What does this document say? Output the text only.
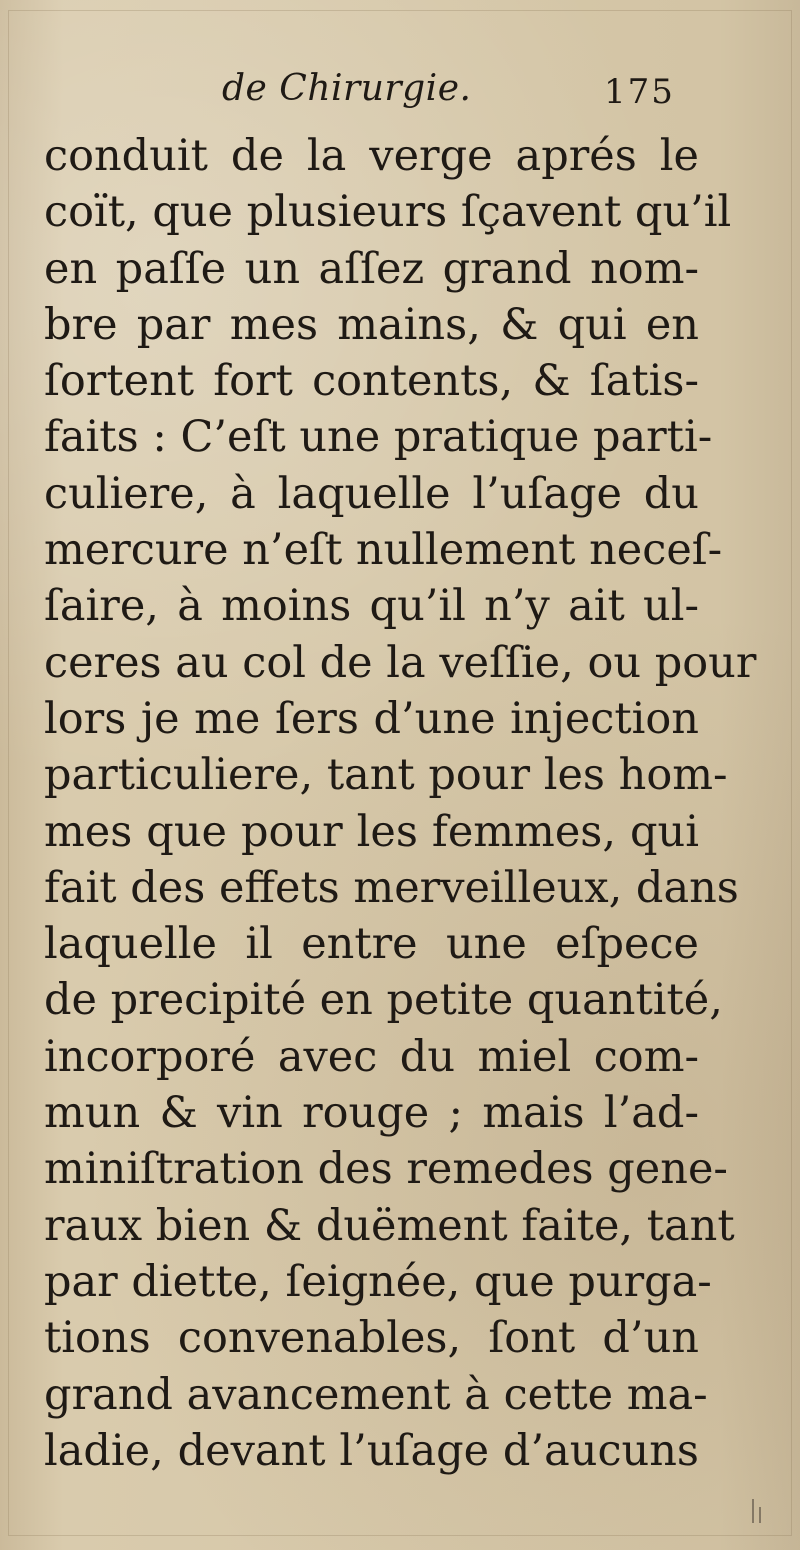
de Chirurgie.	175
conduit de la verge aprés le
coït, que plusieurs ſçavent qu’il
en paſſe un aſſez grand nom-
bre par mes mains, & qui en
ſortent fort contents, & ſatis-
faits : C’eſt une pratique parti-
culiere, à laquelle l’uſage du
mercure n’eſt nullement neceſ-
ſaire, à moins qu’il n’y ait ul-
ceres au col de la veſſie, ou pour
lors je me ſers d’une injection
particuliere, tant pour les hom-
mes que pour les femmes, qui
fait des effets merveilleux, dans
laquelle il entre une eſpece
de precipité en petite quantité,
incorporé avec du miel com-
mun & vin rouge ; mais l’ad-
miniſtration des remedes gene-
raux bien & duëment faite, tant
par diette, ſeignée, que purga-
tions convenables, ſont d’un
grand avancement à cette ma-
ladie, devant l’uſage d’aucuns
